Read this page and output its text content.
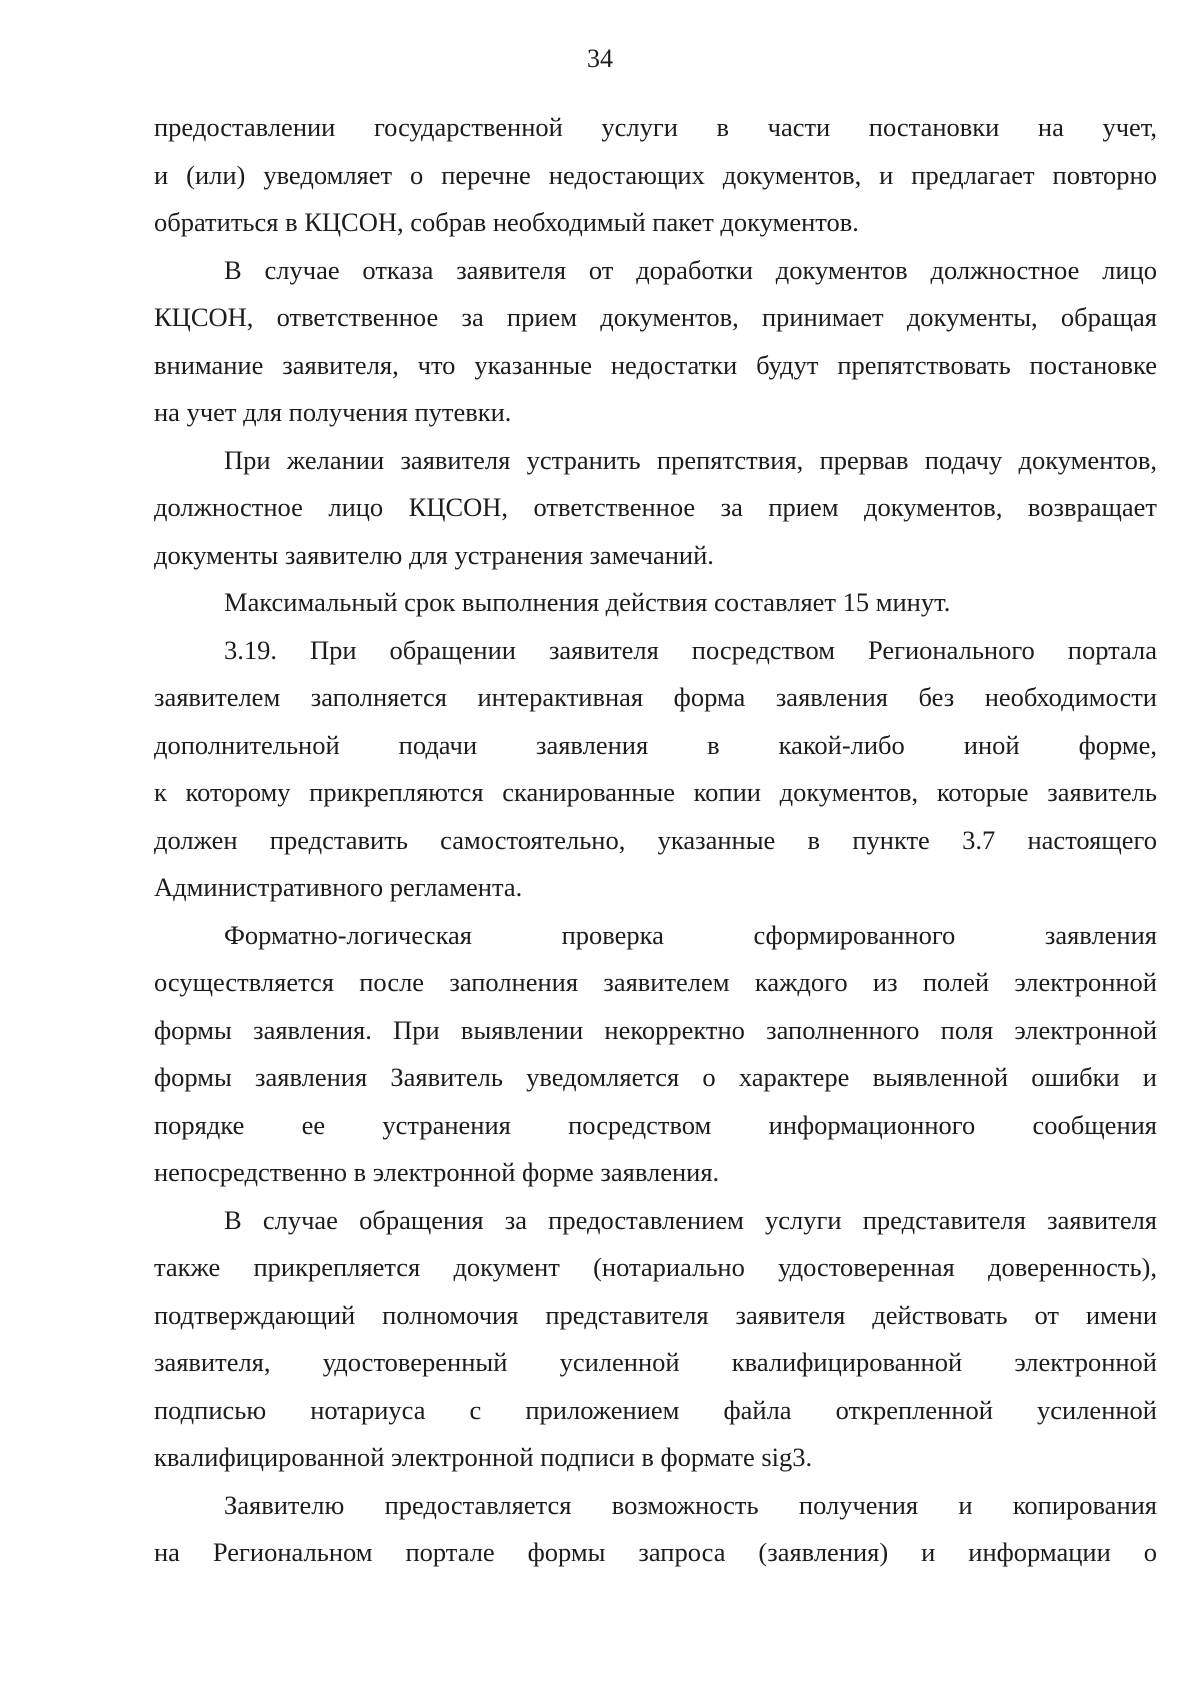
34
предоставлении государственной услуги в части постановки на учет,
и (или) уведомляет о перечне недостающих документов, и предлагает повторно
обратиться в КЦСОН, собрав необходимый пакет документов.
В случае отказа заявителя от доработки документов должностное лицо
КЦСОН, ответственное за прием документов, принимает документы, обращая
внимание заявителя, что указанные недостатки будут препятствовать постановке
на учет для получения путевки.
При желании заявителя устранить препятствия, прервав подачу документов,
должностное лицо КЦСОН, ответственное за прием документов, возвращает
документы заявителю для устранения замечаний.
Максимальный срок выполнения действия составляет 15 минут.
3.19. При обращении заявителя посредством Регионального портала
заявителем заполняется интерактивная форма заявления без необходимости
дополнительной подачи заявления в какой-либо иной форме,
к которому прикрепляются сканированные копии документов, которые заявитель
должен представить самостоятельно, указанные в пункте 3.7 настоящего
Административного регламента.
Форматно-логическая проверка сформированного заявления
осуществляется после заполнения заявителем каждого из полей электронной
формы заявления. При выявлении некорректно заполненного поля электронной
формы заявления Заявитель уведомляется о характере выявленной ошибки и
порядке ее устранения посредством информационного сообщения
непосредственно в электронной форме заявления.
В случае обращения за предоставлением услуги представителя заявителя
также прикрепляется документ (нотариально удостоверенная доверенность),
подтверждающий полномочия представителя заявителя действовать от имени
заявителя, удостоверенный усиленной квалифицированной электронной
подписью нотариуса с приложением файла открепленной усиленной
квалифицированной электронной подписи в формате sig3.
Заявителю предоставляется возможность получения и копирования
на Региональном портале формы запроса (заявления) и информации о
